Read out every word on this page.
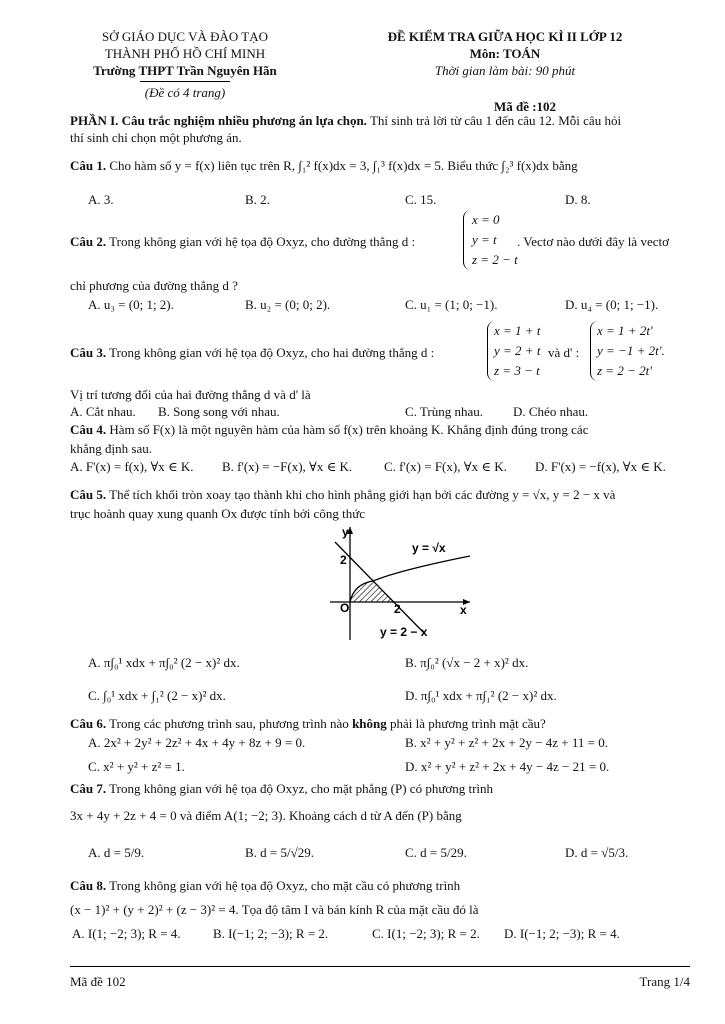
SỞ GIÁO DỤC VÀ ĐÀO TẠO
THÀNH PHỐ HỒ CHÍ MINH
Trường THPT Trần Nguyên Hãn
(Đề có 4 trang)
ĐỀ KIỂM TRA GIỮA HỌC KÌ II LỚP 12
Môn: TOÁN
Thời gian làm bài: 90 phút
Mã đề :102
PHẦN I. Câu trắc nghiệm nhiều phương án lựa chọn. Thí sinh trả lời từ câu 1 đến câu 12. Mỗi câu hỏi
thí sinh chỉ chọn một phương án.
Câu 1. Cho hàm số y = f(x) liên tục trên R, ∫₁² f(x)dx = 3, ∫₁³ f(x)dx = 5. Biểu thức ∫₂³ f(x)dx bằng
A. 3.	B. 2.	C. 15.	D. 8.
Câu 2. Trong không gian với hệ tọa độ Oxyz, cho đường thẳng d :
x = 0
y = t
z = 2 − t
. Vectơ nào dưới đây là vectơ
chỉ phương của đường thẳng d ?
A. u₃ = (0; 1; 2).	B. u₂ = (0; 0; 2).	C. u₁ = (1; 0; −1).	D. u₄ = (0; 1; −1).
Câu 3. Trong không gian với hệ tọa độ Oxyz, cho hai đường thẳng d :
x = 1 + t
y = 2 + t
z = 3 − t
và d' :
x = 1 + 2t'
y = −1 + 2t'.
z = 2 − 2t'
Vị trí tương đối của hai đường thẳng d và d' là
A. Cắt nhau. B. Song song với nhau.	C. Trùng nhau. D. Chéo nhau.
Câu 4. Hàm số F(x) là một nguyên hàm của hàm số f(x) trên khoảng K. Khẳng định đúng trong các
khẳng định sau.
A. F'(x) = f(x), ∀x ∈ K. B. f'(x) = −F(x), ∀x ∈ K. C. f'(x) = F(x), ∀x ∈ K. D. F'(x) = −f(x), ∀x ∈ K.
Câu 5. Thể tích khối tròn xoay tạo thành khi cho hình phẳng giới hạn bởi các đường y = √x, y = 2 − x và
trục hoành quay xung quanh Ox được tính bởi công thức
y
x
O
2
2
y = √x
y = 2 − x
A. π∫₀¹ xdx + π∫₀² (2 − x)² dx.	B. π∫₀² (√x − 2 + x)² dx.
C. ∫₀¹ xdx + ∫₁² (2 − x)² dx.	D. π∫₀¹ xdx + π∫₁² (2 − x)² dx.
Câu 6. Trong các phương trình sau, phương trình nào không phải là phương trình mặt cầu?
A. 2x² + 2y² + 2z² + 4x + 4y + 8z + 9 = 0.	B. x² + y² + z² + 2x + 2y − 4z + 11 = 0.
C. x² + y² + z² = 1.	D. x² + y² + z² + 2x + 4y − 4z − 21 = 0.
Câu 7. Trong không gian với hệ tọa độ Oxyz, cho mặt phẳng (P) có phương trình
3x + 4y + 2z + 4 = 0 và điểm A(1; −2; 3). Khoảng cách d từ A đến (P) bằng
A. d = 5/9.	B. d = 5/√29.	C. d = 5/29.	D. d = √5/3.
Câu 8. Trong không gian với hệ tọa độ Oxyz, cho mặt cầu có phương trình
(x − 1)² + (y + 2)² + (z − 3)² = 4. Tọa độ tâm I và bán kính R của mặt cầu đó là
A. I(1; −2; 3); R = 4. B. I(−1; 2; −3); R = 2.	C. I(1; −2; 3); R = 2. D. I(−1; 2; −3); R = 4.
Mã đề 102	Trang 1/4
